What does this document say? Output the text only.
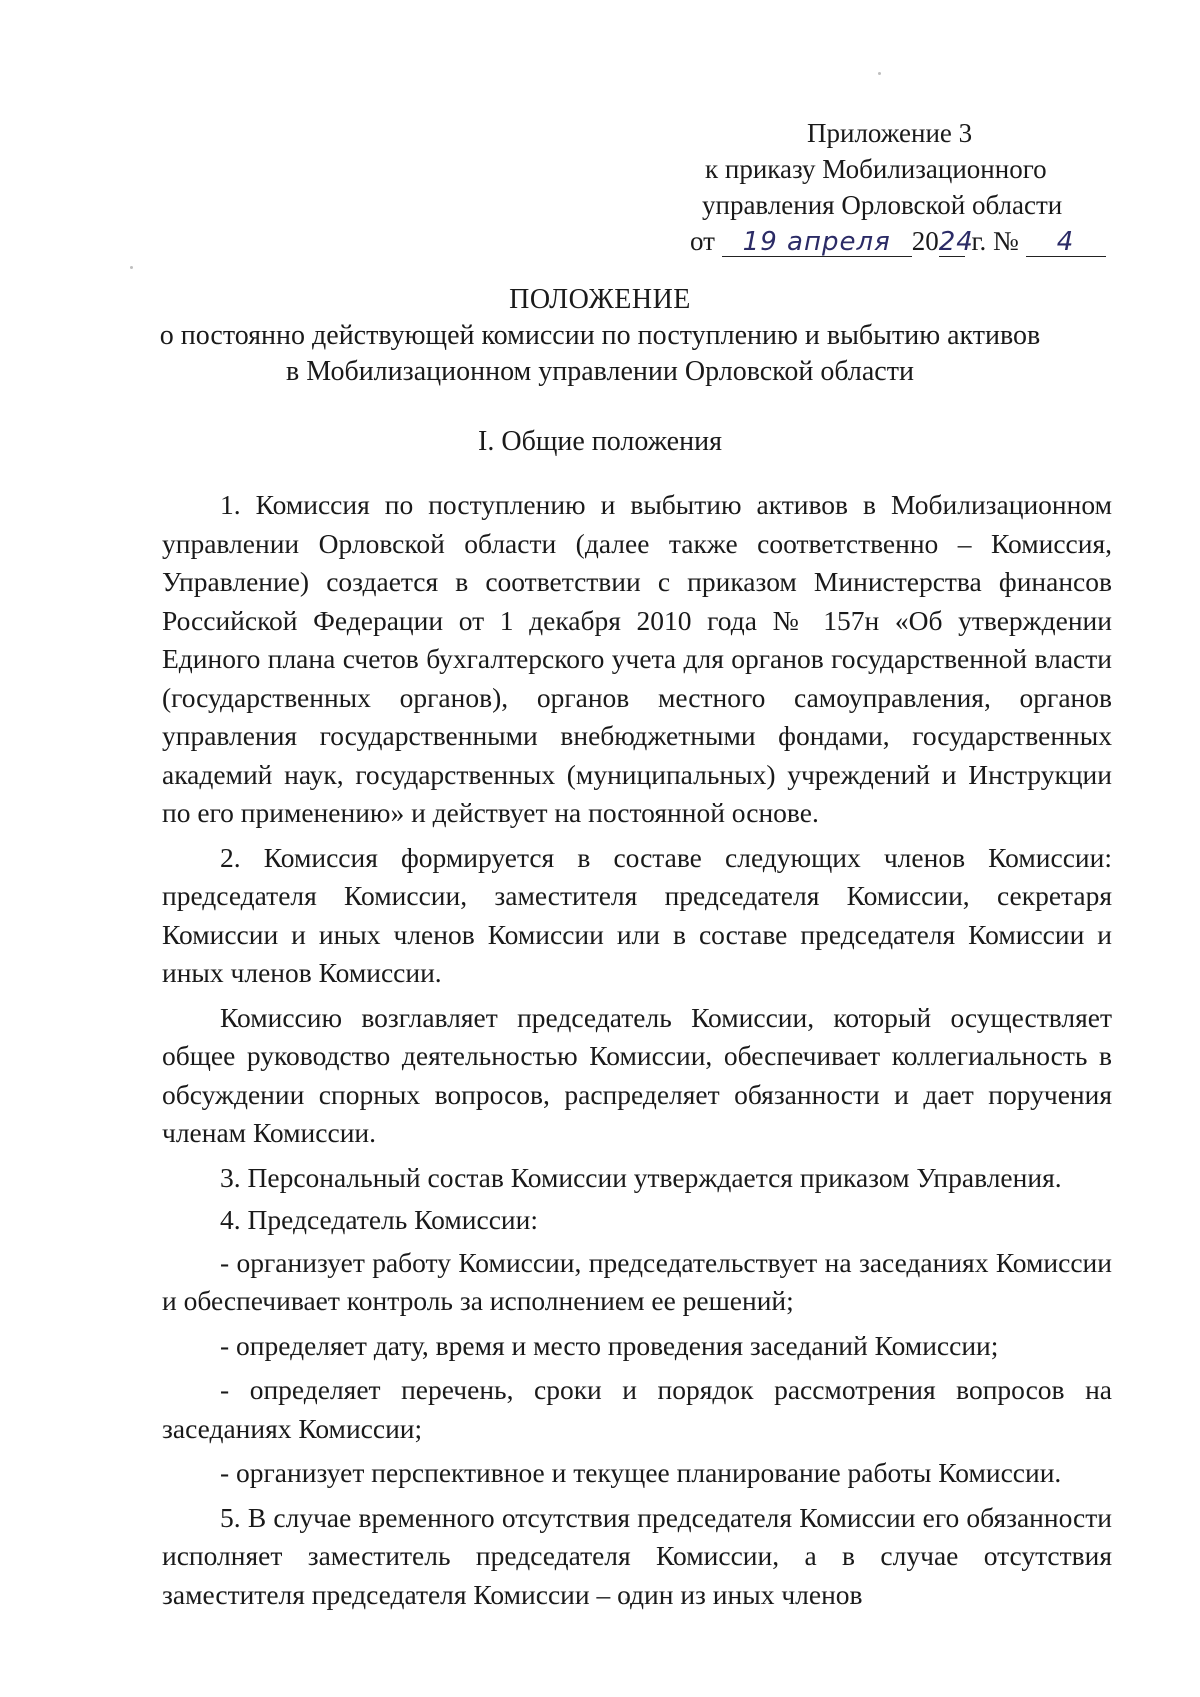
Приложение 3
к приказу Мобилизационного
управления Орловской области
от 19 апреля 2024 г. № 4
ПОЛОЖЕНИЕ
о постоянно действующей комиссии по поступлению и выбытию активов
в Мобилизационном управлении Орловской области
I. Общие положения

1. Комиссия по поступлению и выбытию активов в Мобилизационном управлении Орловской области (далее также соответственно – Комиссия, Управление) создается в соответствии с приказом Министерства финансов Российской Федерации от 1 декабря 2010 года № 157н «Об утверждении Единого плана счетов бухгалтерского учета для органов государственной власти (государственных органов), органов местного самоуправления, органов управления государственными внебюджетными фондами, государственных академий наук, государственных (муниципальных) учреждений и Инструкции по его применению» и действует на постоянной основе.

2. Комиссия формируется в составе следующих членов Комиссии: председателя Комиссии, заместителя председателя Комиссии, секретаря Комиссии и иных членов Комиссии или в составе председателя Комиссии и иных членов Комиссии.

Комиссию возглавляет председатель Комиссии, который осуществляет общее руководство деятельностью Комиссии, обеспечивает коллегиальность в обсуждении спорных вопросов, распределяет обязанности и дает поручения членам Комиссии.

3. Персональный состав Комиссии утверждается приказом Управления.

4. Председатель Комиссии:

- организует работу Комиссии, председательствует на заседаниях Комиссии и обеспечивает контроль за исполнением ее решений;

- определяет дату, время и место проведения заседаний Комиссии;

- определяет перечень, сроки и порядок рассмотрения вопросов на заседаниях Комиссии;

- организует перспективное и текущее планирование работы Комиссии.

5. В случае временного отсутствия председателя Комиссии его обязанности исполняет заместитель председателя Комиссии, а в случае отсутствия заместителя председателя Комиссии – один из иных членов
